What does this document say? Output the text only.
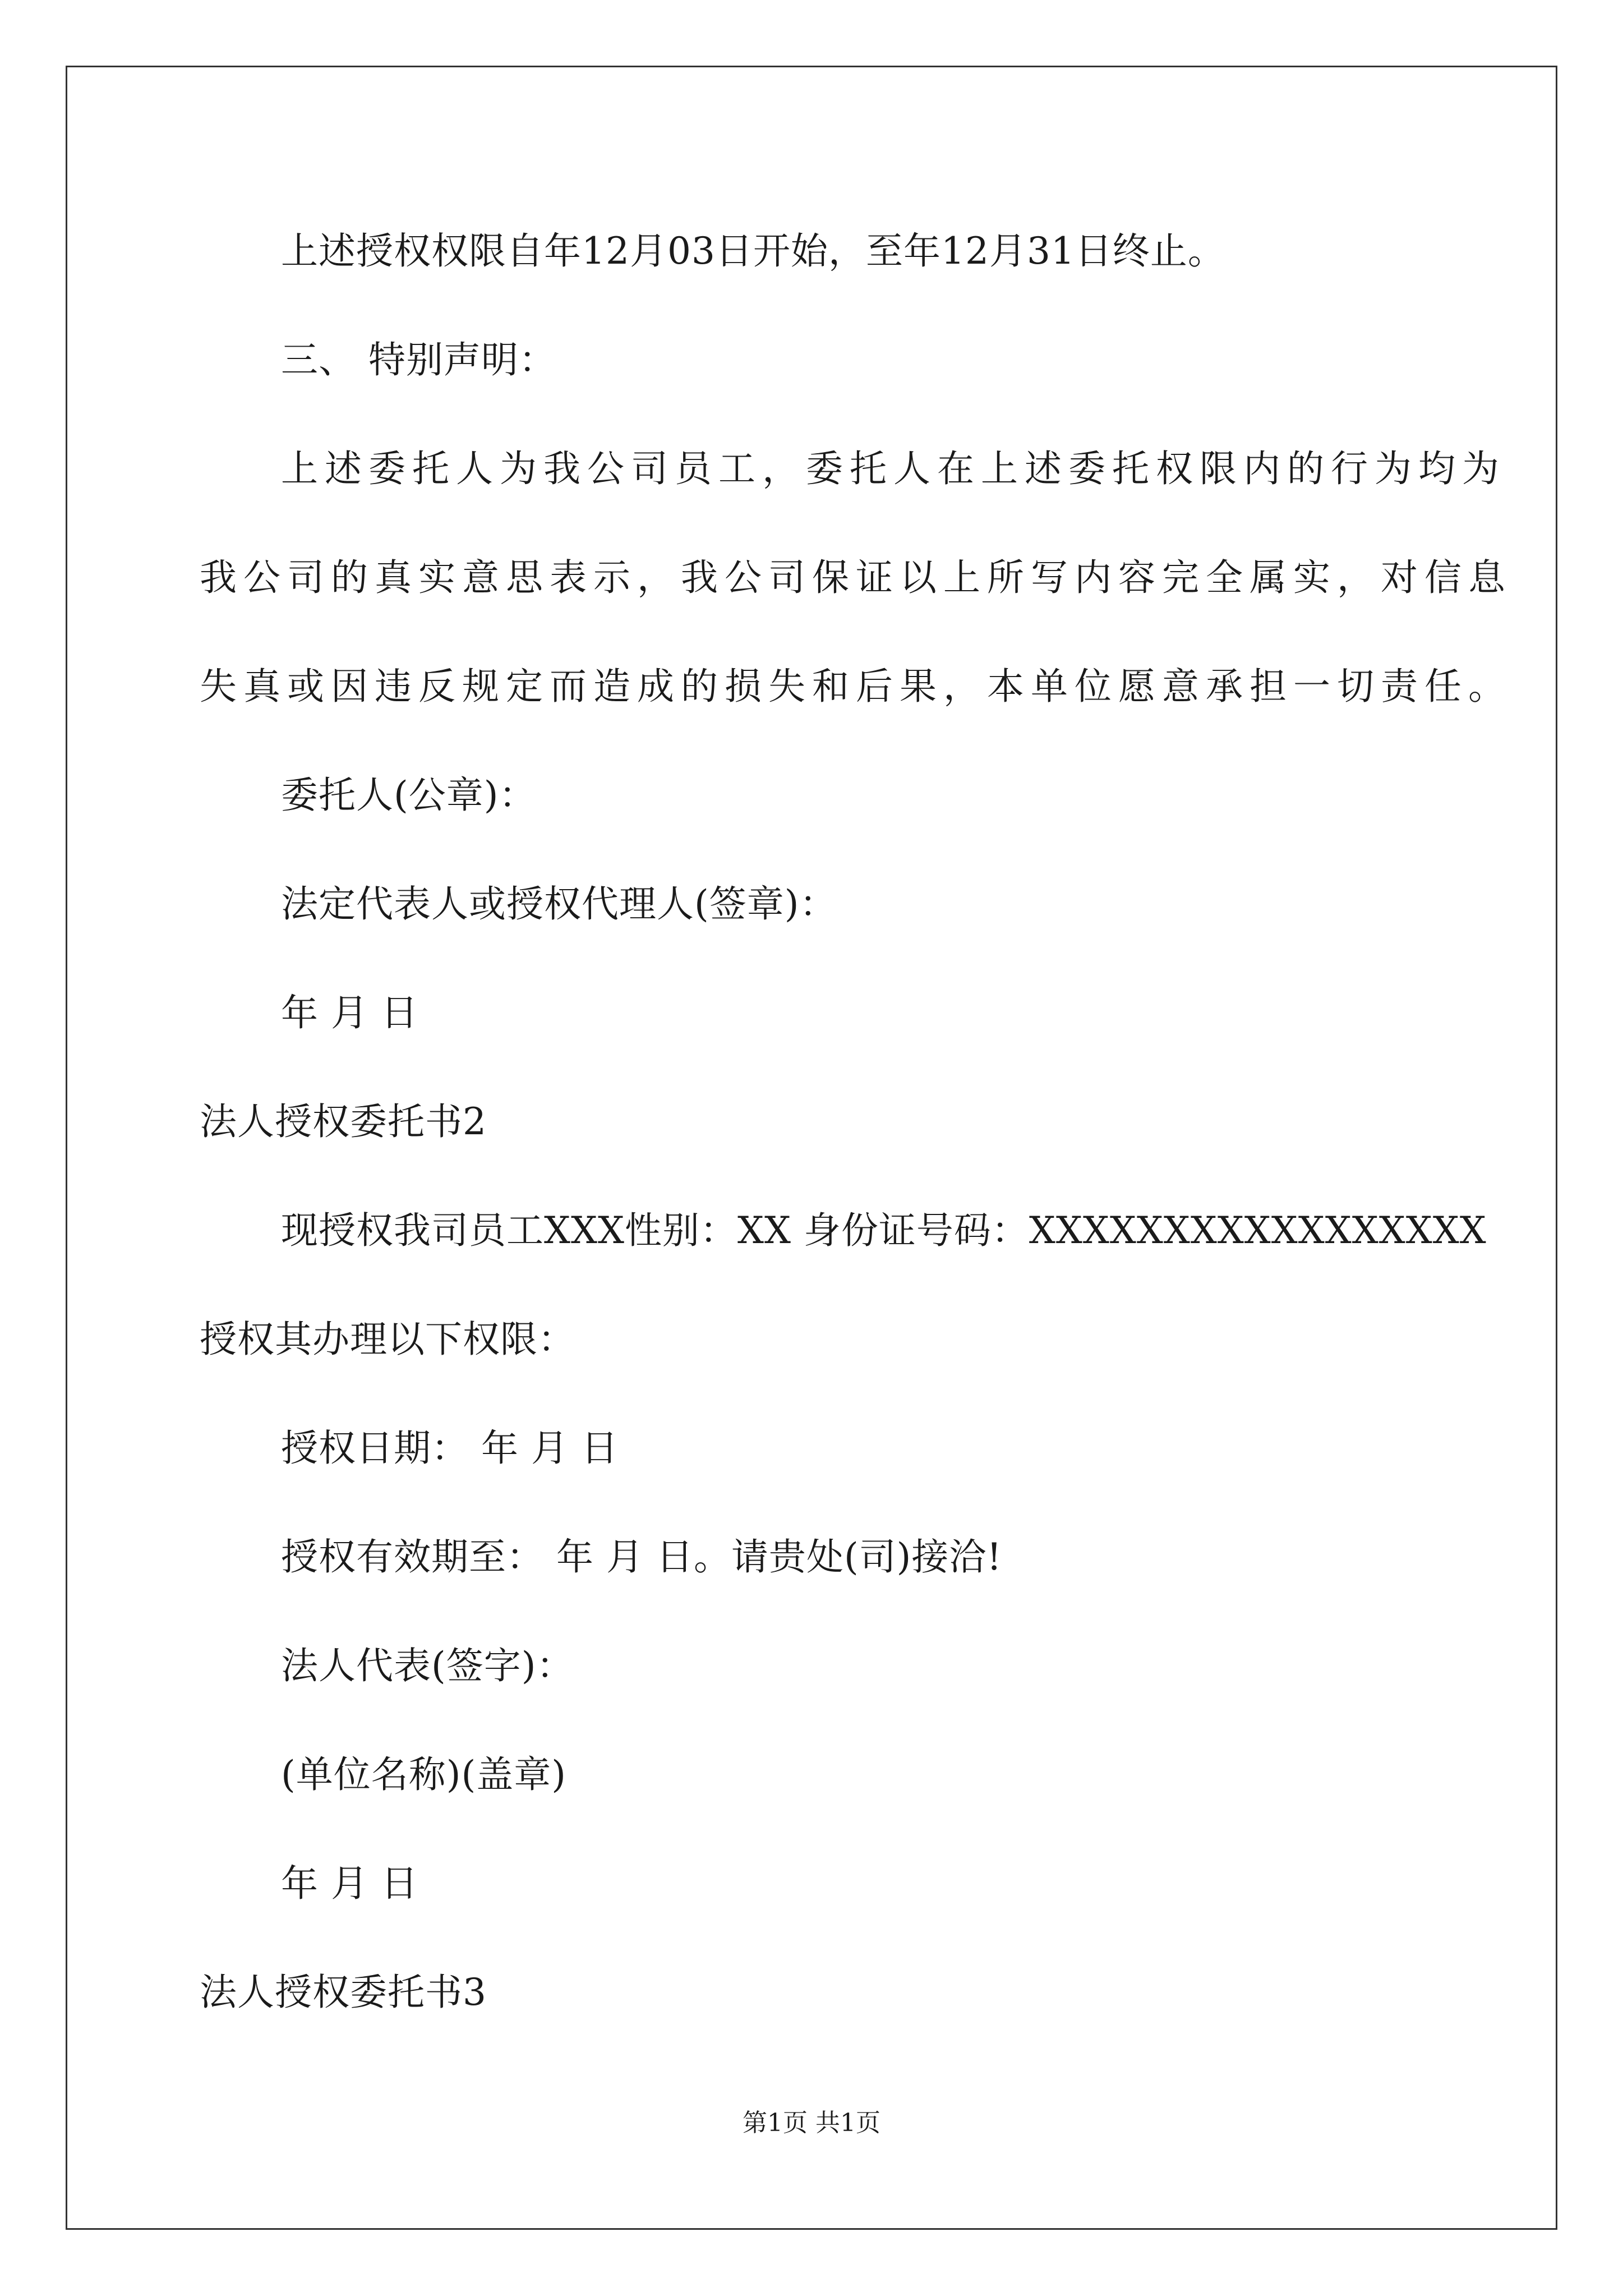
上述授权权限自年12月03日开始，至年12月31日终止。
三、 特别声明：
上述委托人为我公司员工，委托人在上述委托权限内的行为均为
我公司的真实意思表示，我公司保证以上所写内容完全属实，对信息
失真或因违反规定而造成的损失和后果，本单位愿意承担一切责任。
委托人(公章)：
法定代表人或授权代理人(签章)：
年 月 日
法人授权委托书2
现授权我司员工XXX性别：XX 身份证号码：XXXXXXXXXXXXXXXXX
授权其办理以下权限：
授权日期： 年 月 日
授权有效期至： 年 月 日。请贵处(司)接洽!
法人代表(签字)：
(单位名称)(盖章)
年 月 日
法人授权委托书3
第1页 共1页
